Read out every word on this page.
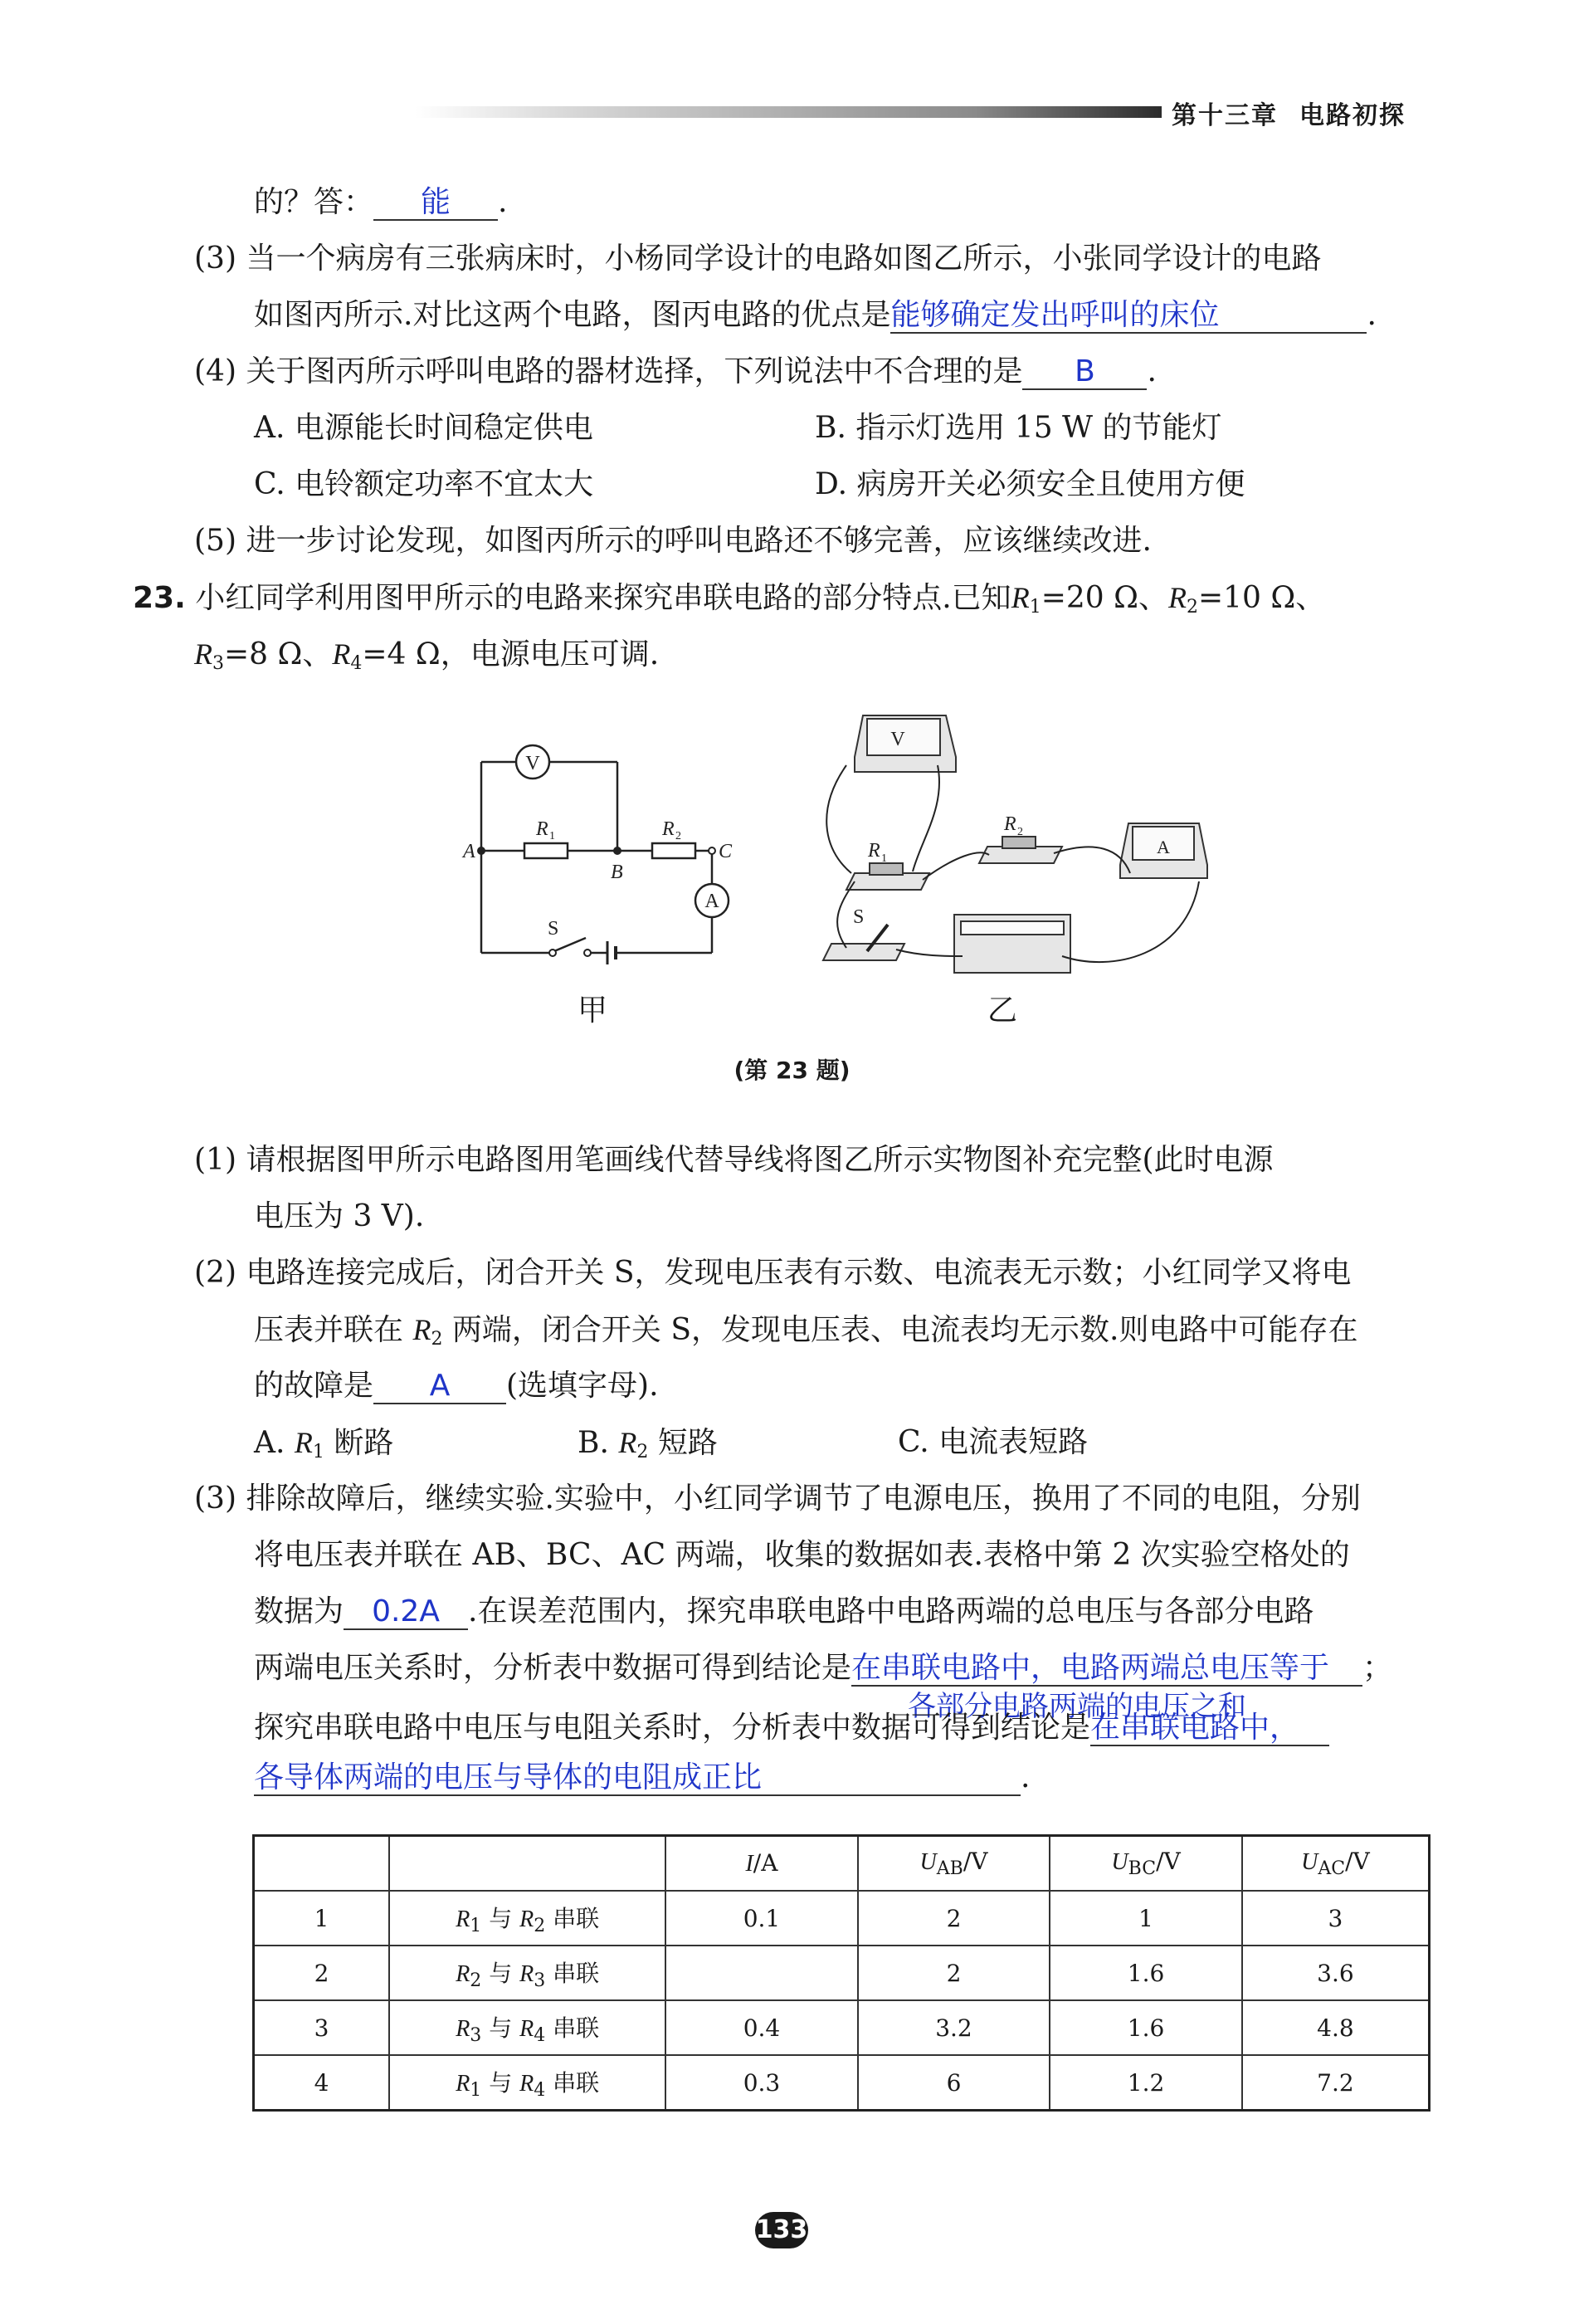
第十三章 电路初探
的？答： 能 .
(3) 当一个病房有三张病床时，小杨同学设计的电路如图乙所示，小张同学设计的电路
如图丙所示.对比这两个电路，图丙电路的优点是能够确定发出呼叫的床位	.
(4) 关于图丙所示呼叫电路的器材选择，下列说法中不合理的是 B .
A. 电源能长时间稳定供电	B. 指示灯选用 15 W 的节能灯
C. 电铃额定功率不宜太大	D. 病房开关必须安全且使用方便
(5) 进一步讨论发现，如图丙所示的呼叫电路还不够完善，应该继续改进.
23. 小红同学利用图甲所示的电路来探究串联电路的部分特点.已知$R_1=20$ Ω、$R_2=10$ Ω、
$R_3=8$ Ω、$R_4=4$ Ω，电源电压可调.
V
A
R 1	R 2
A
B
C
S
甲
V
A
R 1
R 2
S
乙
(第 23 题)
(1) 请根据图甲所示电路图用笔画线代替导线将图乙所示实物图补充完整(此时电源
电压为 3 V).
(2) 电路连接完成后，闭合开关 S，发现电压表有示数、电流表无示数；小红同学又将电
压表并联在 $R_2$ 两端，闭合开关 S，发现电压表、电流表均无示数.则电路中可能存在
的故障是 A (选填字母).
A. $R_1$ 断路	B. $R_2$ 短路	C. 电流表短路
(3) 排除故障后，继续实验.实验中，小红同学调节了电源电压，换用了不同的电阻，分别
将电压表并联在 AB、BC、AC 两端，收集的数据如表.表格中第 2 次实验空格处的
数据为 0.2A .在误差范围内，探究串联电路中电路两端的总电压与各部分电路
两端电压关系时，分析表中数据可得到结论是在串联电路中，电路两端总电压等于 ；
各部分电路两端的电压之和
探究串联电路中电压与电阻关系时，分析表中数据可得到结论是在串联电路中，
各导体两端的电压与导体的电阻成正比	.
		I/A	$U_{AB}/V$	$U_{BC}/V$	$U_{AC}/V$
1	$R_1$ 与 $R_2$ 串联	0.1	2	1	3
2	$R_2$ 与 $R_3$ 串联		2	1.6	3.6
3	$R_3$ 与 $R_4$ 串联	0.4	3.2	1.6	4.8
4	$R_1$ 与 $R_4$ 串联	0.3	6	1.2	7.2
133
